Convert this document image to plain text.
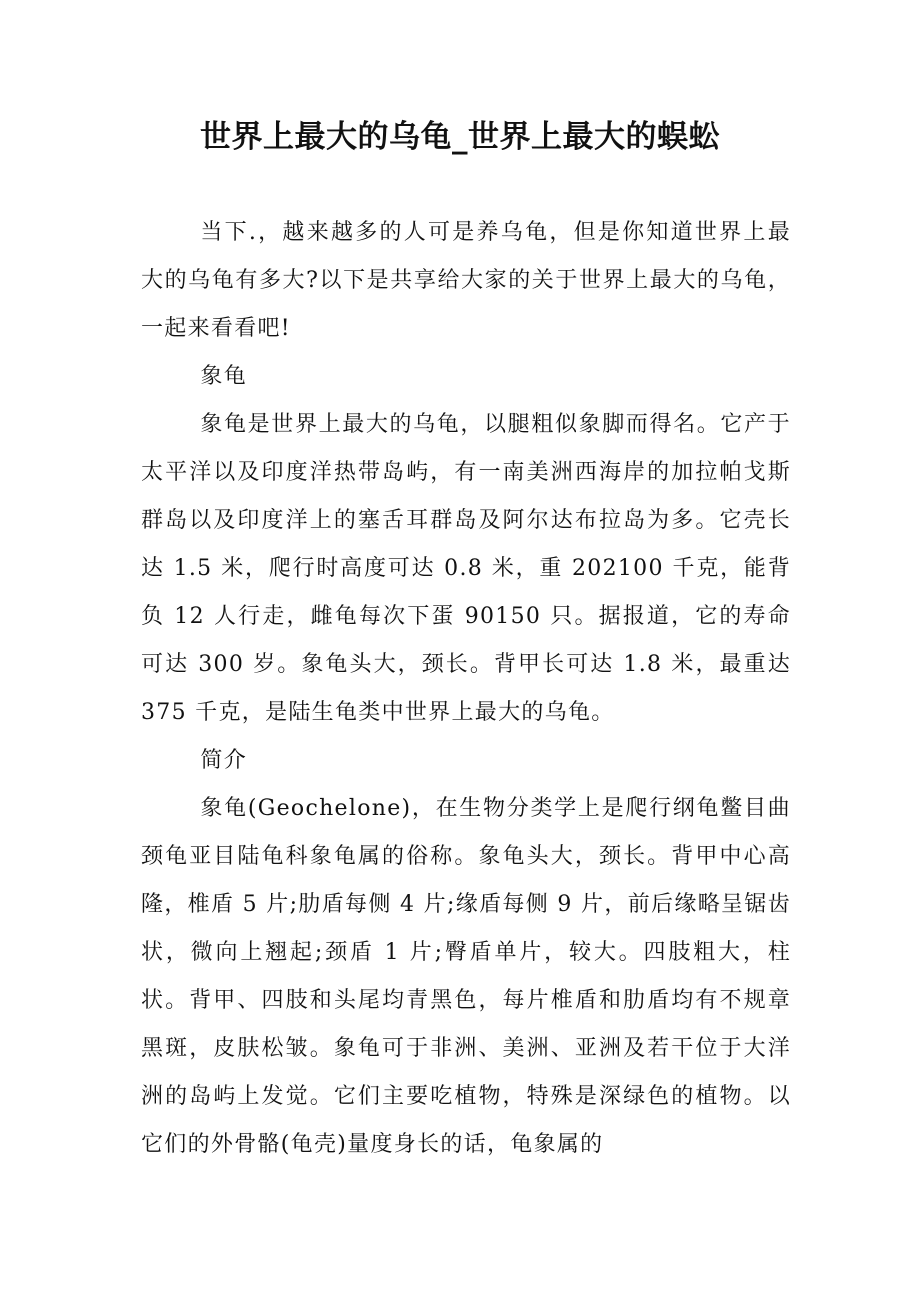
世界上最大的乌龟_世界上最大的蜈蚣

当下.，越来越多的人可是养乌龟，但是你知道世界上最大的乌龟有多大?以下是共享给大家的关于世界上最大的乌龟，一起来看看吧!

象龟

象龟是世界上最大的乌龟，以腿粗似象脚而得名。它产于太平洋以及印度洋热带岛屿，有一南美洲西海岸的加拉帕戈斯群岛以及印度洋上的塞舌耳群岛及阿尔达布拉岛为多。它壳长达 1.5 米，爬行时高度可达 0.8 米，重 202100 千克，能背负 12 人行走，雌龟每次下蛋 90150 只。据报道，它的寿命可达 300 岁。象龟头大，颈长。背甲长可达 1.8 米，最重达 375 千克，是陆生龟类中世界上最大的乌龟。

简介

象龟(Geochelone)，在生物分类学上是爬行纲龟鳖目曲颈龟亚目陆龟科象龟属的俗称。象龟头大，颈长。背甲中心高隆，椎盾 5 片;肋盾每侧 4 片;缘盾每侧 9 片，前后缘略呈锯齿状，微向上翘起;颈盾 1 片;臀盾单片，较大。四肢粗大，柱状。背甲、四肢和头尾均青黑色，每片椎盾和肋盾均有不规章黑斑，皮肤松皱。象龟可于非洲、美洲、亚洲及若干位于大洋洲的岛屿上发觉。它们主要吃植物，特殊是深绿色的植物。以它们的外骨骼(龟壳)量度身长的话，龟象属的
